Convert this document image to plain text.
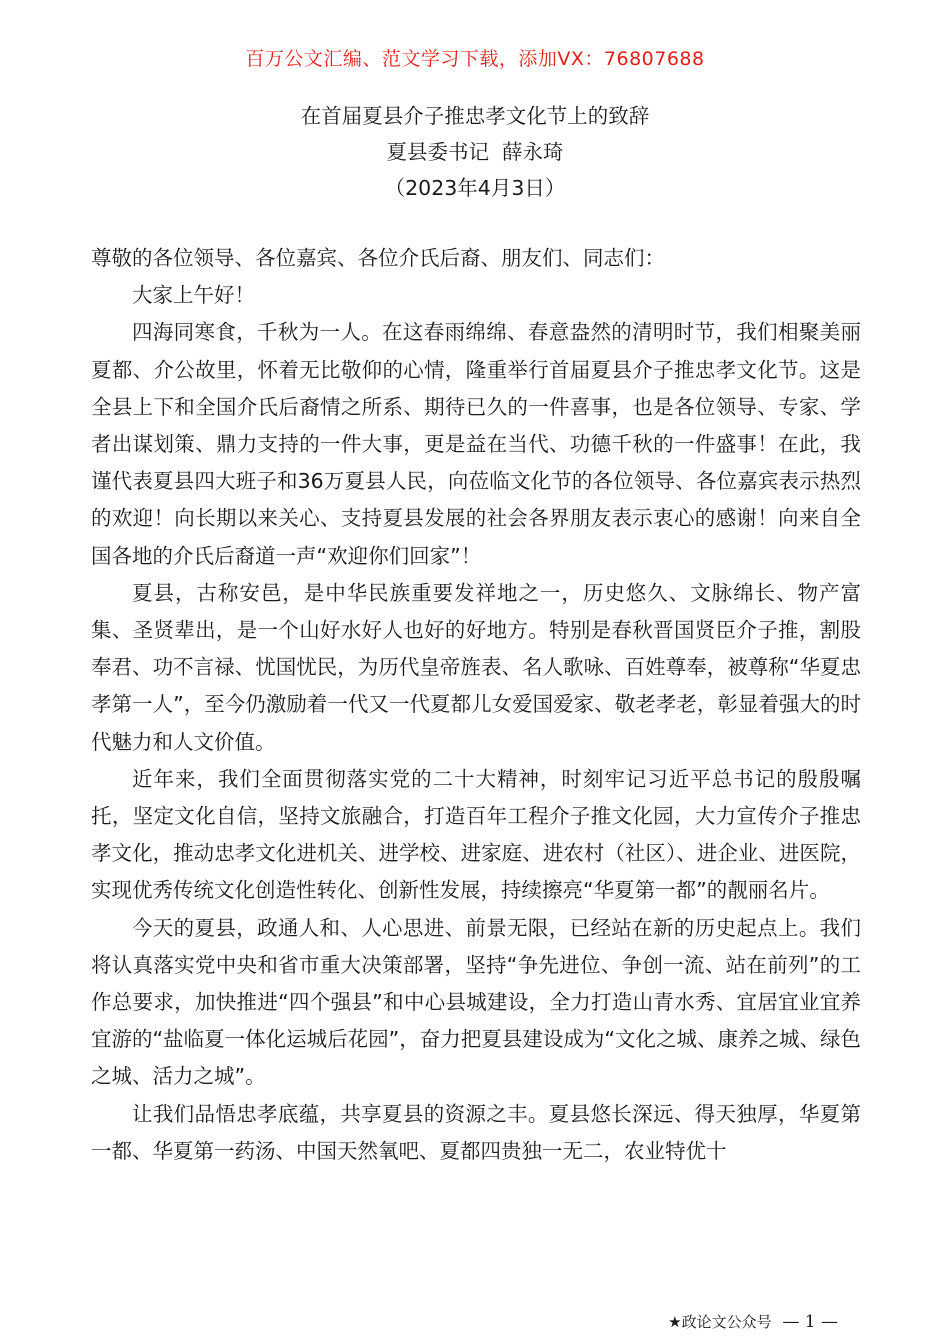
百万公文汇编、范文学习下载，添加VX：76807688
在首届夏县介子推忠孝文化节上的致辞
夏县委书记  薛永琦
（2023年4月3日）

尊敬的各位领导、各位嘉宾、各位介氏后裔、朋友们、同志们：

大家上午好！

四海同寒食，千秋为一人。在这春雨绵绵、春意盎然的清明时节，我们相聚美丽夏都、介公故里，怀着无比敬仰的心情，隆重举行首届夏县介子推忠孝文化节。这是全县上下和全国介氏后裔情之所系、期待已久的一件喜事，也是各位领导、专家、学者出谋划策、鼎力支持的一件大事，更是益在当代、功德千秋的一件盛事！在此，我谨代表夏县四大班子和36万夏县人民，向莅临文化节的各位领导、各位嘉宾表示热烈的欢迎！向长期以来关心、支持夏县发展的社会各界朋友表示衷心的感谢！向来自全国各地的介氏后裔道一声“欢迎你们回家”！

夏县，古称安邑，是中华民族重要发祥地之一，历史悠久、文脉绵长、物产富集、圣贤辈出，是一个山好水好人也好的好地方。特别是春秋晋国贤臣介子推，割股奉君、功不言禄、忧国忧民，为历代皇帝旌表、名人歌咏、百姓尊奉，被尊称“华夏忠孝第一人”，至今仍激励着一代又一代夏都儿女爱国爱家、敬老孝老，彰显着强大的时代魅力和人文价值。

近年来，我们全面贯彻落实党的二十大精神，时刻牢记习近平总书记的殷殷嘱托，坚定文化自信，坚持文旅融合，打造百年工程介子推文化园，大力宣传介子推忠孝文化，推动忠孝文化进机关、进学校、进家庭、进农村（社区）、进企业、进医院，实现优秀传统文化创造性转化、创新性发展，持续擦亮“华夏第一都”的靓丽名片。

今天的夏县，政通人和、人心思进、前景无限，已经站在新的历史起点上。我们将认真落实党中央和省市重大决策部署，坚持“争先进位、争创一流、站在前列”的工作总要求，加快推进“四个强县”和中心县城建设，全力打造山青水秀、宜居宜业宜养宜游的“盐临夏一体化运城后花园”，奋力把夏县建设成为“文化之城、康养之城、绿色之城、活力之城”。

让我们品悟忠孝底蕴，共享夏县的资源之丰。夏县悠长深远、得天独厚，华夏第一都、华夏第一药汤、中国天然氧吧、夏都四贵独一无二，农业特优十

★政论文公众号 — 1 —
